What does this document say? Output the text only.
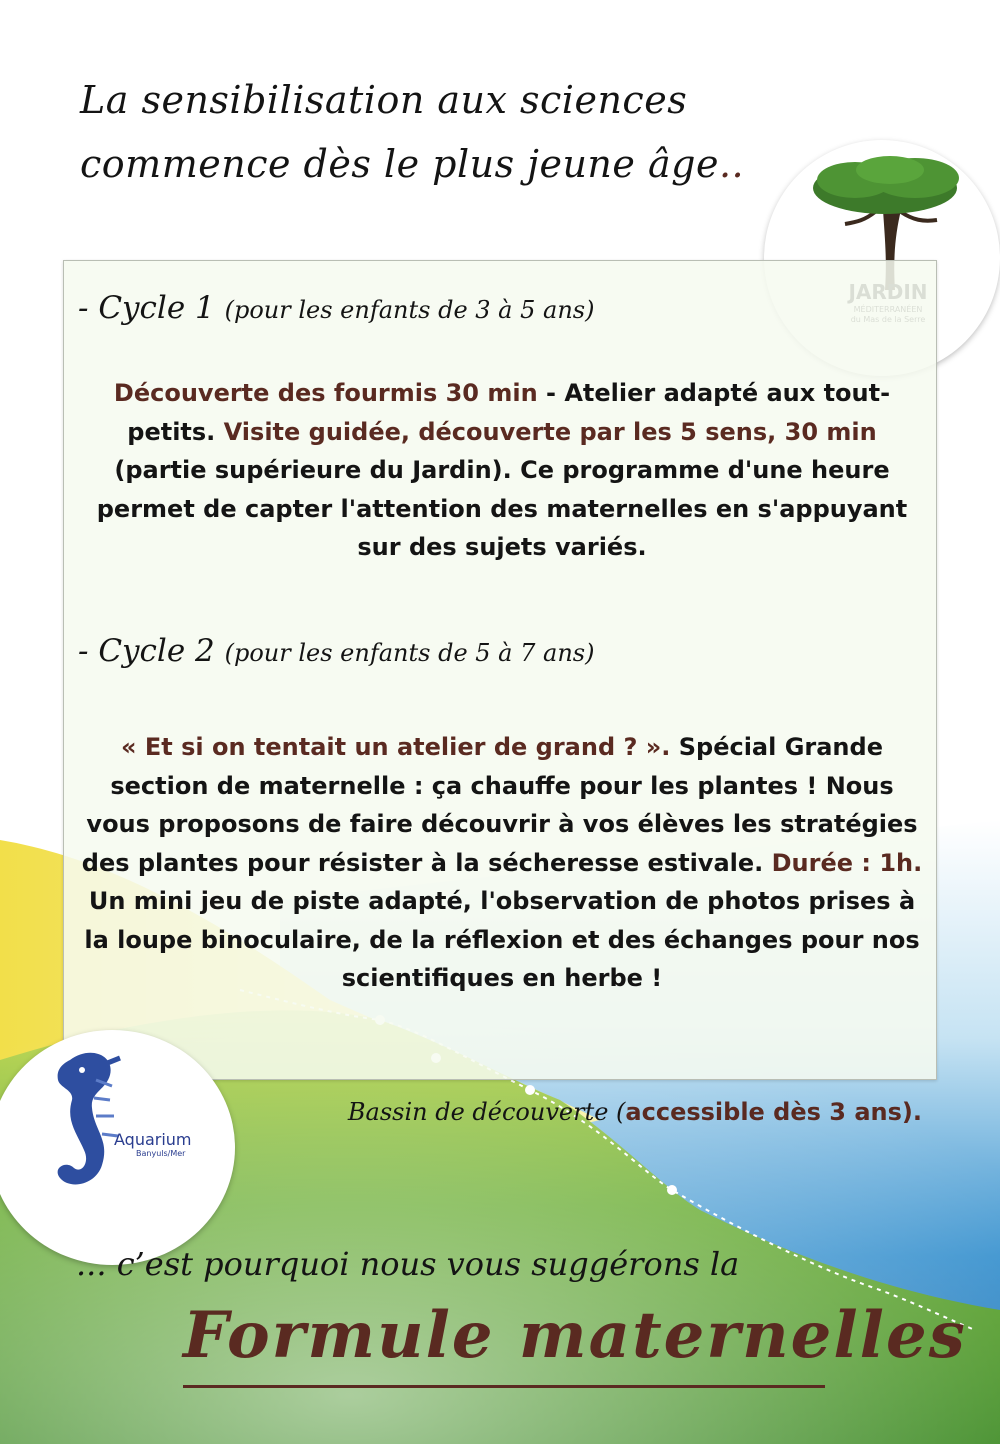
La sensibilisation aux sciences
commence dès le plus jeune âge..
- Cycle 1 (pour les enfants de 3 à 5 ans)
Découverte des fourmis 30 min - Atelier adapté aux tout-petits. Visite guidée, découverte par les 5 sens, 30 min (partie supérieure du Jardin). Ce programme d'une heure permet de capter l'attention des maternelles en s'appuyant sur des sujets variés.
- Cycle 2 (pour les enfants de 5 à 7 ans)
« Et si on tentait un atelier de grand ? ». Spécial Grande section de maternelle : ça chauffe pour les plantes ! Nous vous proposons de faire découvrir à vos élèves les stratégies des plantes pour résister à la sécheresse estivale. Durée : 1h. Un mini jeu de piste adapté, l'observation de photos prises à la loupe binoculaire, de la réflexion et des échanges pour nos scientifiques en herbe !
Bassin de découverte (accessible dès 3 ans).
Aquarium
Banyuls/Mer
... c’est pourquoi nous vous suggérons la
Formule maternelles
